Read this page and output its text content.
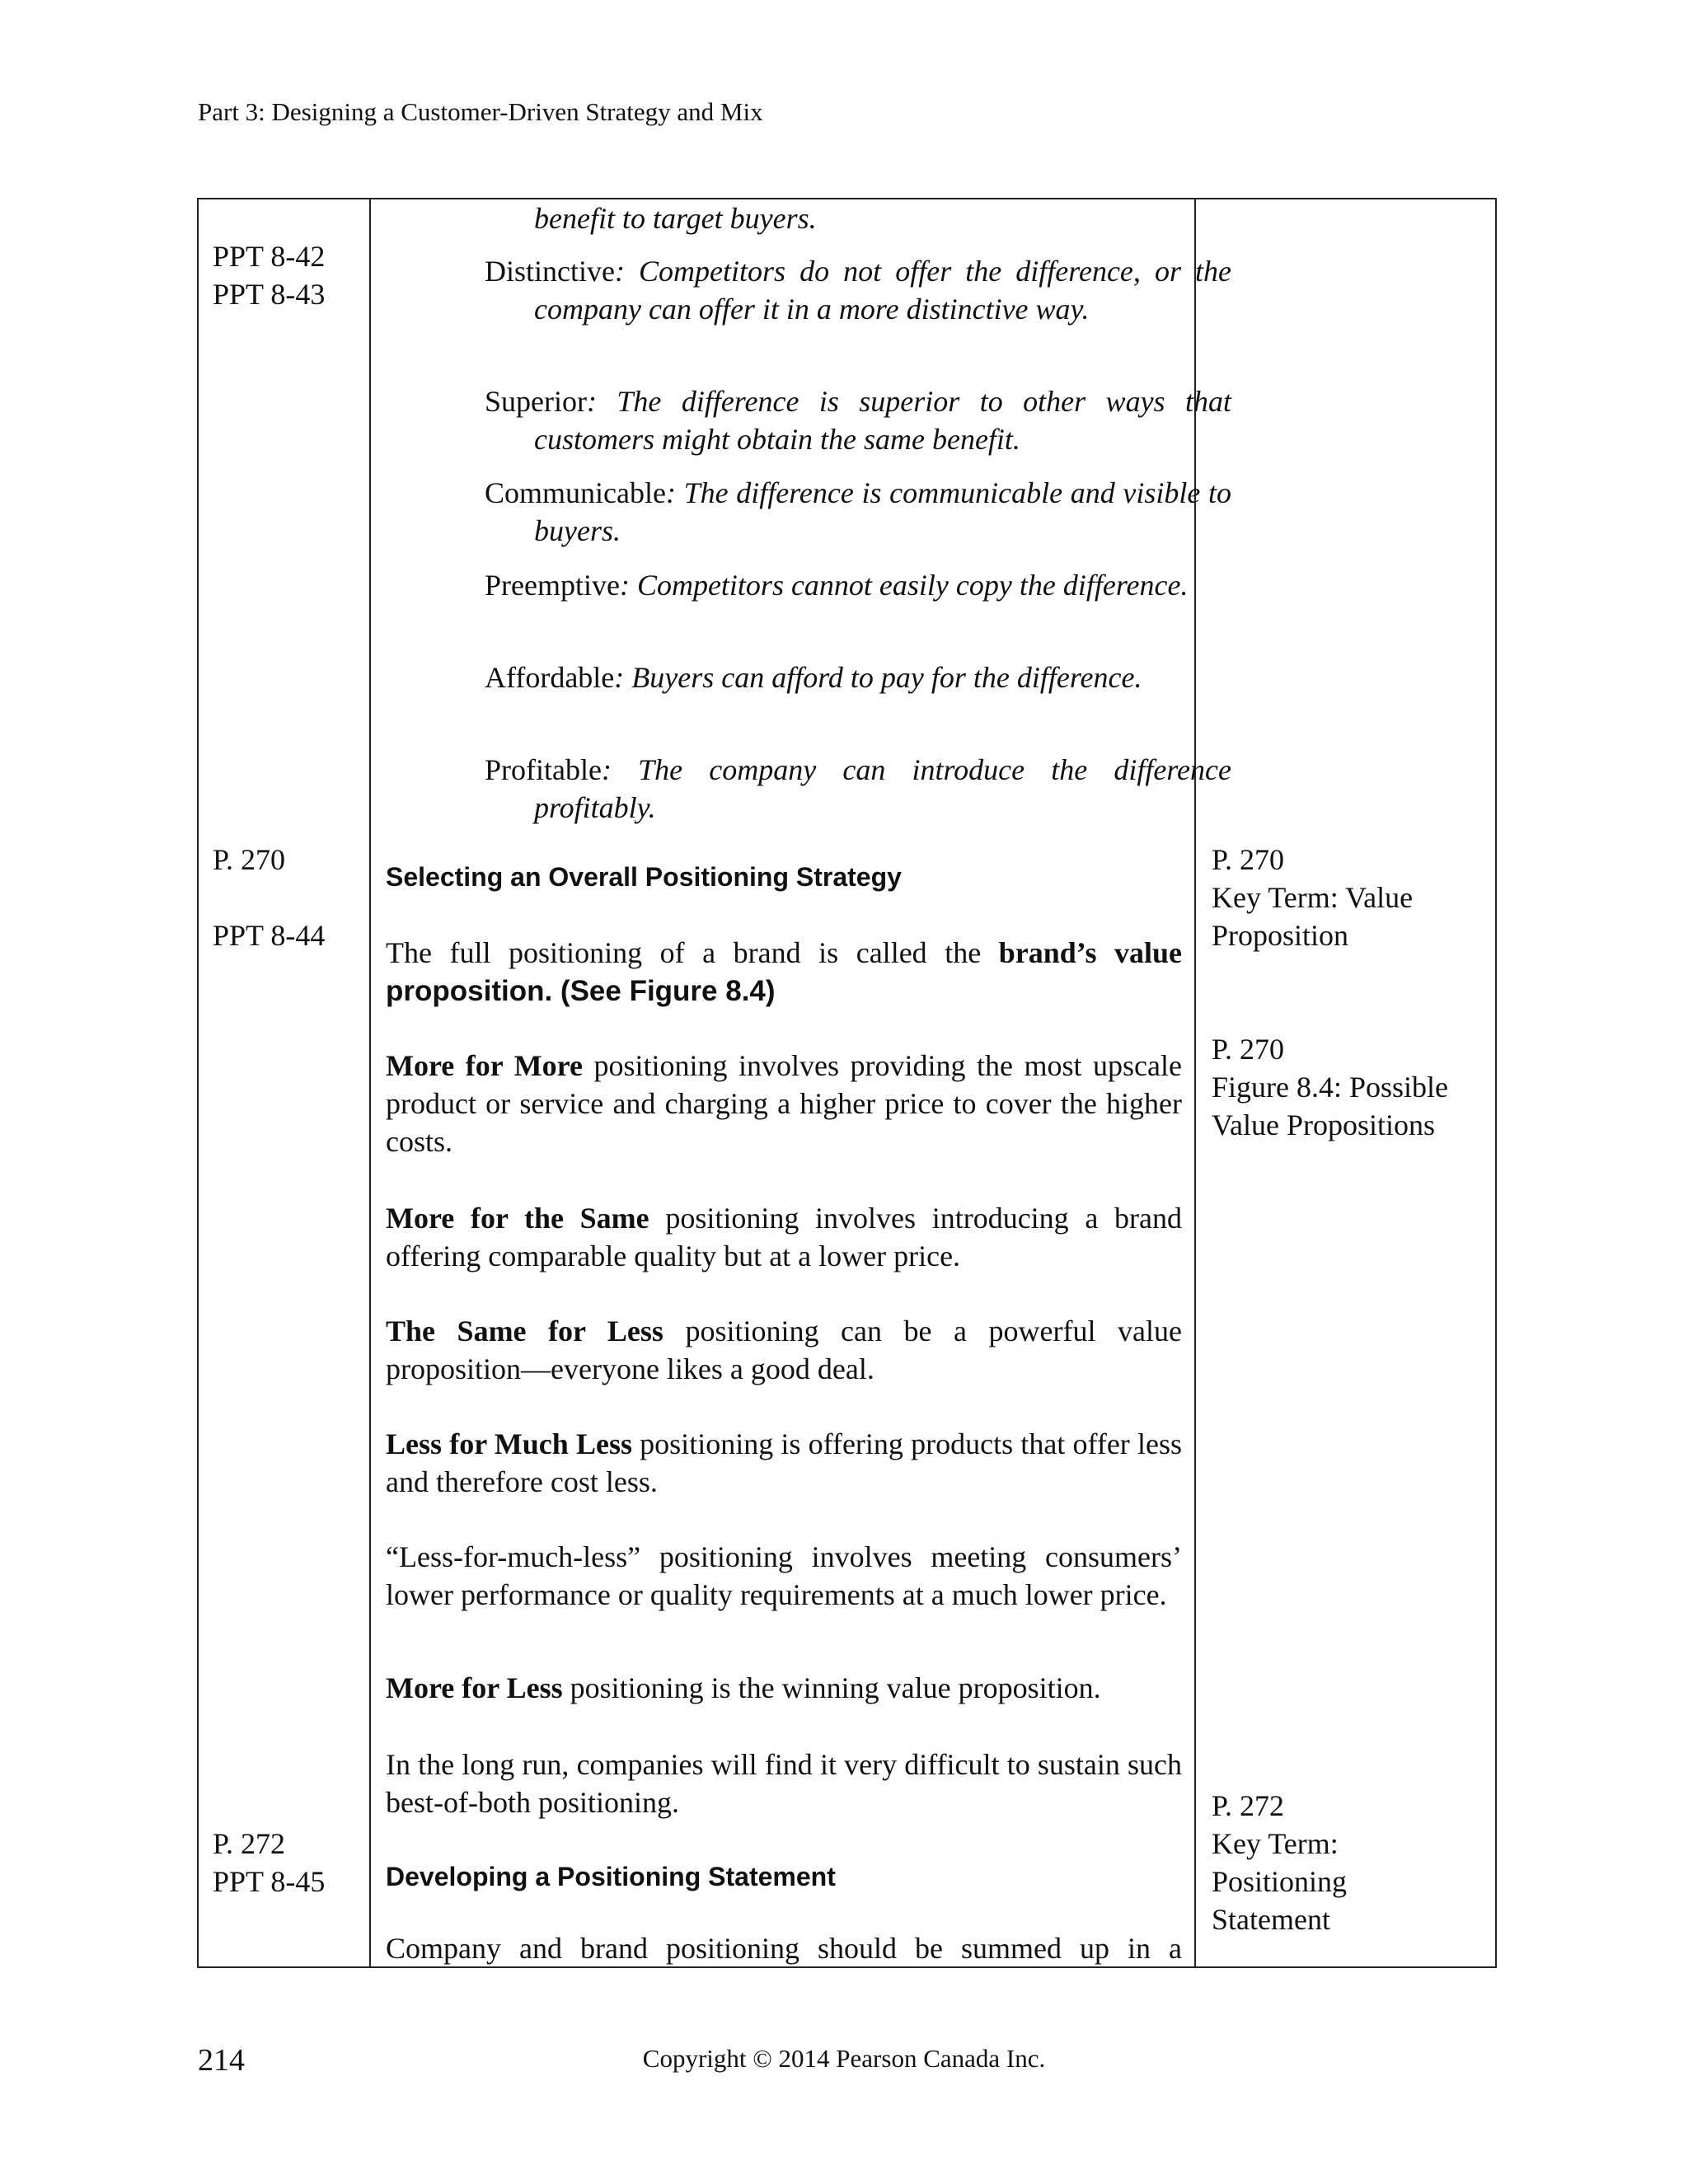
Part 3: Designing a Customer-Driven Strategy and Mix
PPT 8-42
PPT 8-43
P. 270
PPT 8-44
P. 272
PPT 8-45
benefit to target buyers.
Distinctive: Competitors do not offer the difference, or the company can offer it in a more distinctive way.
Superior: The difference is superior to other ways that customers might obtain the same benefit.
Communicable: The difference is communicable and visible to buyers.
Preemptive: Competitors cannot easily copy the difference.
Affordable: Buyers can afford to pay for the difference.
Profitable: The company can introduce the difference profitably.
Selecting an Overall Positioning Strategy
The full positioning of a brand is called the brand’s value
proposition. (See Figure 8.4)
More for More positioning involves providing the most upscale product or service and charging a higher price to cover the higher costs.
More for the Same positioning involves introducing a brand offering comparable quality but at a lower price.
The Same for Less positioning can be a powerful value proposition—everyone likes a good deal.
Less for Much Less positioning is offering products that offer less and therefore cost less.
“Less-for-much-less” positioning involves meeting consumers’ lower performance or quality requirements at a much lower price.
More for Less positioning is the winning value proposition.
In the long run, companies will find it very difficult to sustain such best-of-both positioning.
Developing a Positioning Statement
Company and brand positioning should be summed up in a
P. 270
Key Term: Value
Proposition
P. 270
Figure 8.4: Possible
Value Propositions
P. 272
Key Term:
Positioning
Statement
214	Copyright © 2014 Pearson Canada Inc.
